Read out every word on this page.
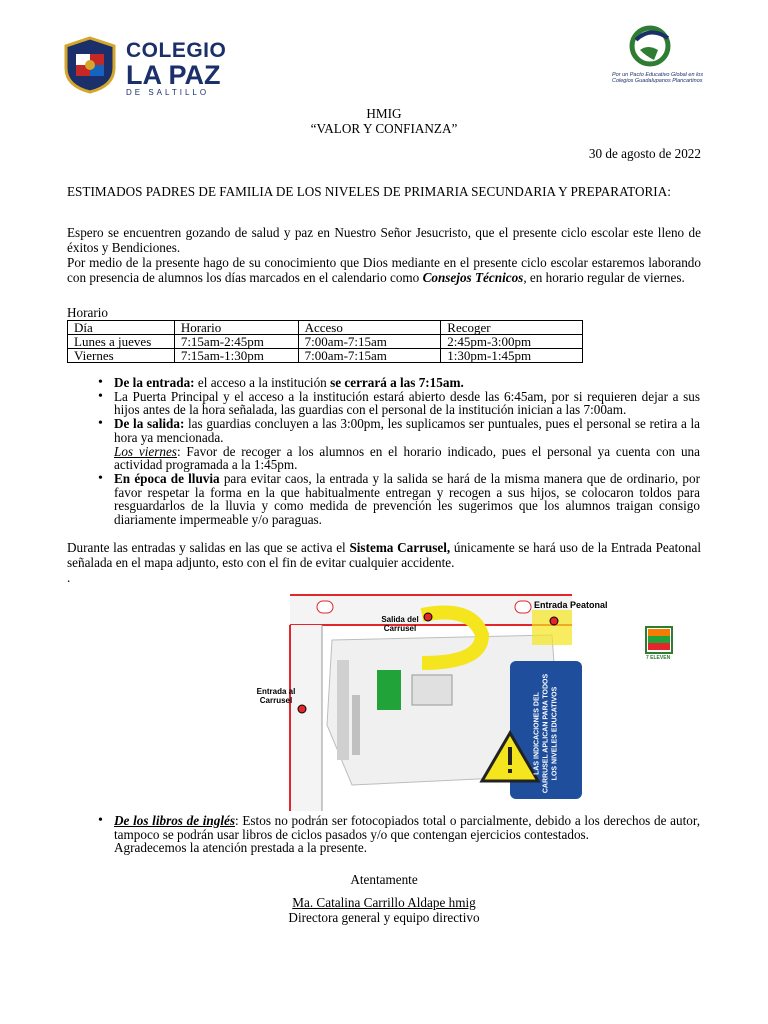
COLEGIO
LA PAZ
DE SALTILLO
Por un Pacto Educativo Global en los Colegios Guadalupanos Plancartinos
HMIG
“VALOR Y CONFIANZA”
30 de agosto de 2022
ESTIMADOS PADRES DE FAMILIA DE LOS NIVELES DE PRIMARIA SECUNDARIA Y PREPARATORIA:

Espero se encuentren gozando de salud y paz en Nuestro Señor Jesucristo, que el presente ciclo escolar este lleno de éxitos y Bendiciones.

Por medio de la presente hago de su conocimiento que Dios mediante en el presente ciclo escolar estaremos laborando con presencia de alumnos los días marcados en el calendario como Consejos Técnicos, en horario regular de viernes.

Horario
Día	Horario	Acceso	Recoger
Lunes a jueves	7:15am-2:45pm	7:00am-7:15am	2:45pm-3:00pm
Viernes	7:15am-1:30pm	7:00am-7:15am	1:30pm-1:45pm
• De la entrada: el acceso a la institución se cerrará a las 7:15am.
• La Puerta Principal y el acceso a la institución estará abierto desde las 6:45am, por si requieren dejar a sus hijos antes de la hora señalada, las guardias con el personal de la institución inician a las 7:00am.
• De la salida: las guardias concluyen a las 3:00pm, les suplicamos ser puntuales, pues el personal se retira a la hora ya mencionada.
Los viernes: Favor de recoger a los alumnos en el horario indicado, pues el personal ya cuenta con una actividad programada a la 1:45pm.
• En época de lluvia para evitar caos, la entrada y la salida se hará de la misma manera que de ordinario, por favor respetar la forma en la que habitualmente entregan y recogen a sus hijos, se colocaron toldos para resguardarlos de la lluvia y como medida de prevención les sugerimos que los alumnos traigan consigo diariamente impermeable y/o paraguas.

Durante las entradas y salidas en las que se activa el Sistema Carrusel, únicamente se hará uso de la Entrada Peatonal señalada en el mapa adjunto, esto con el fin de evitar cualquier accidente.

.

Entrada Peatonal
Salida del Carrusel
Entrada al Carrusel	LAS INDICACIONES DEL CARRUSEL APLICAN PARA TODOS LOS NIVELES EDUCATIVOS
7 ELEVEN
• De los libros de inglés: Estos no podrán ser fotocopiados total o parcialmente, debido a los derechos de autor, tampoco se podrán usar libros de ciclos pasados y/o que contengan ejercicios contestados.
Agradecemos la atención prestada a la presente.
Atentamente
Ma. Catalina Carrillo Aldape hmig
Directora general y equipo directivo
